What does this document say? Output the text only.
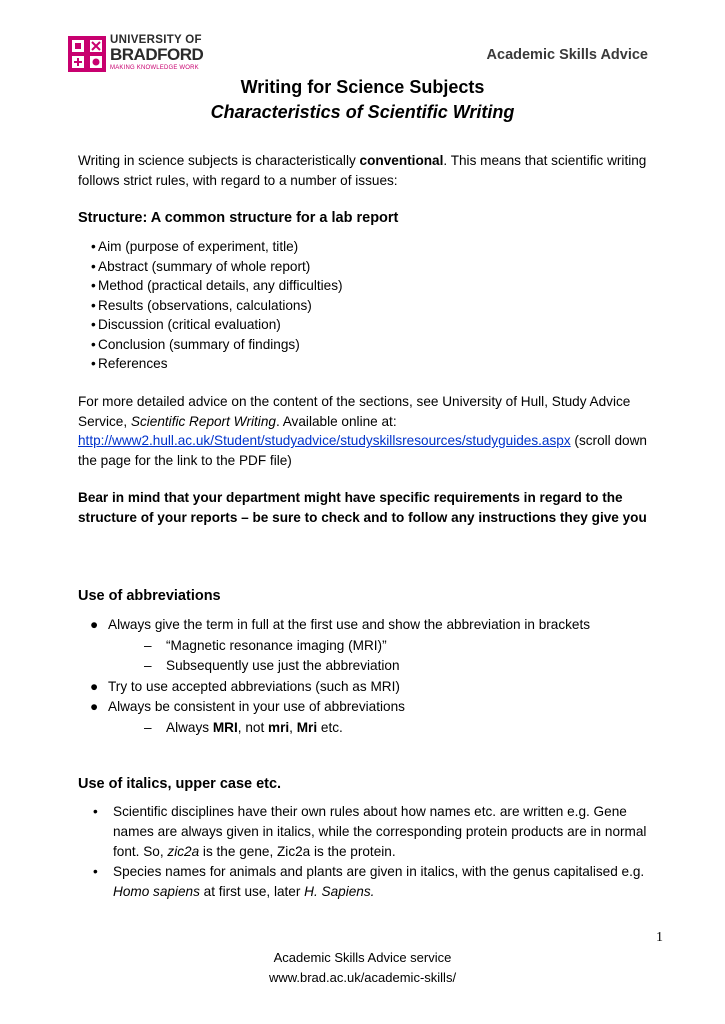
UNIVERSITY OF
BRADFORD
MAKING KNOWLEDGE WORK
Academic Skills Advice
Writing for Science Subjects
Characteristics of Scientific Writing
Writing in science subjects is characteristically conventional. This means that scientific writing follows strict rules, with regard to a number of issues:
Structure: A common structure for a lab report
• Aim (purpose of experiment, title)
• Abstract (summary of whole report)
• Method (practical details, any difficulties)
• Results (observations, calculations)
• Discussion (critical evaluation)
• Conclusion (summary of findings)
• References
For more detailed advice on the content of the sections, see University of Hull, Study Advice Service, Scientific Report Writing. Available online at: http://www2.hull.ac.uk/Student/studyadvice/studyskillsresources/studyguides.aspx (scroll down the page for the link to the PDF file)
Bear in mind that your department might have specific requirements in regard to the structure of your reports – be sure to check and to follow any instructions they give you
Use of abbreviations
● Always give the term in full at the first use and show the abbreviation in brackets
– “Magnetic resonance imaging (MRI)”
– Subsequently use just the abbreviation
● Try to use accepted abbreviations (such as MRI)
● Always be consistent in your use of abbreviations
– Always MRI, not mri, Mri etc.
Use of italics, upper case etc.
• Scientific disciplines have their own rules about how names etc. are written e.g. Gene names are always given in italics, while the corresponding protein products are in normal font. So, zic2a is the gene, Zic2a is the protein.
• Species names for animals and plants are given in italics, with the genus capitalised e.g. Homo sapiens at first use, later H. Sapiens.
1
Academic Skills Advice service
www.brad.ac.uk/academic-skills/
